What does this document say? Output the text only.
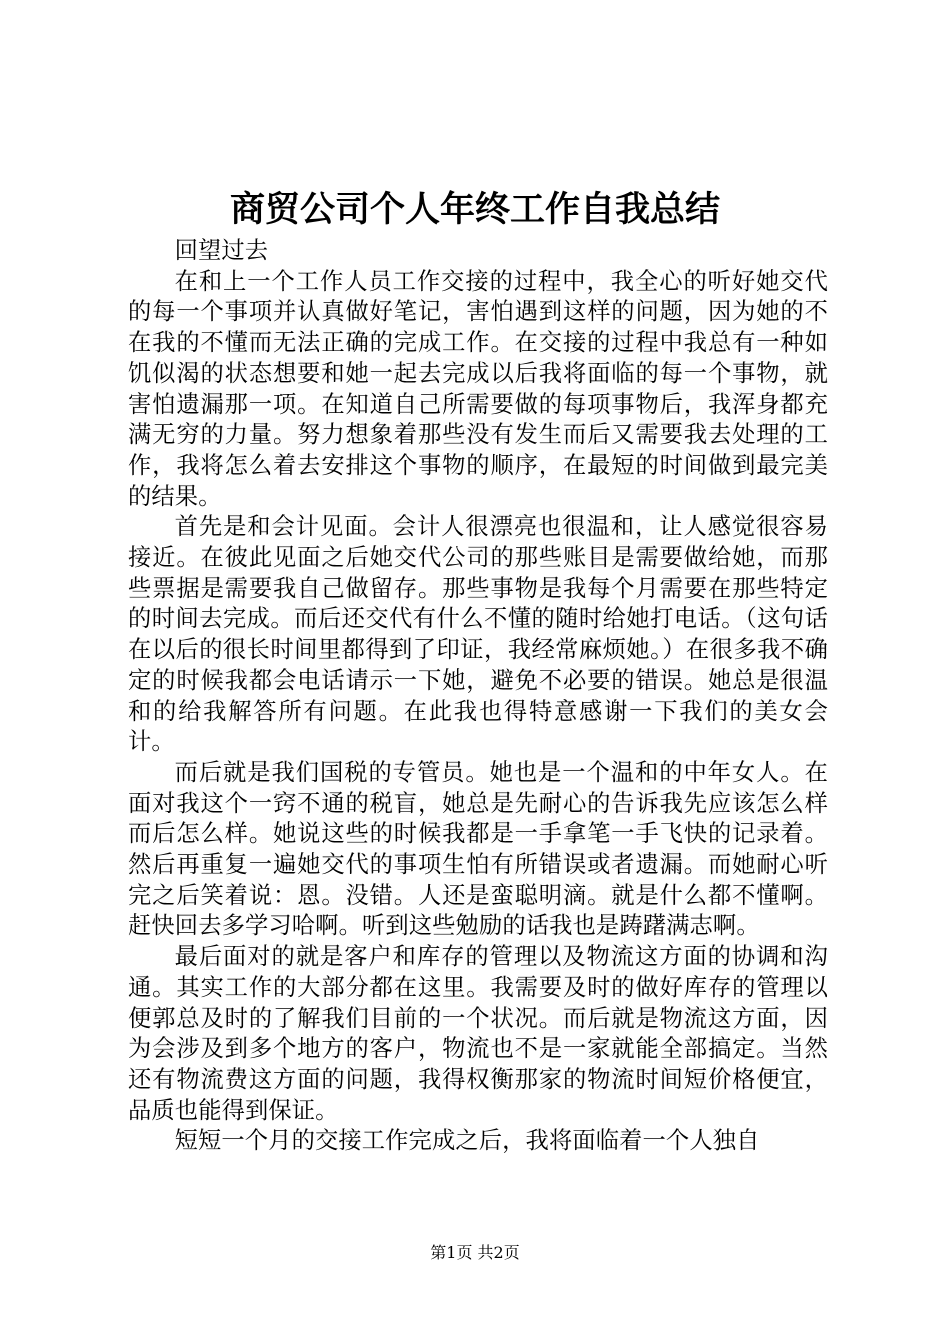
商贸公司个人年终工作自我总结

回望过去

在和上一个工作人员工作交接的过程中，我全心的听好她交代的每一个事项并认真做好笔记，害怕遇到这样的问题，因为她的不在我的不懂而无法正确的完成工作。在交接的过程中我总有一种如饥似渴的状态想要和她一起去完成以后我将面临的每一个事物，就害怕遗漏那一项。在知道自己所需要做的每项事物后，我浑身都充满无穷的力量。努力想象着那些没有发生而后又需要我去处理的工作，我将怎么着去安排这个事物的顺序，在最短的时间做到最完美的结果。

首先是和会计见面。会计人很漂亮也很温和，让人感觉很容易接近。在彼此见面之后她交代公司的那些账目是需要做给她，而那些票据是需要我自己做留存。那些事物是我每个月需要在那些特定的时间去完成。而后还交代有什么不懂的随时给她打电话。（这句话在以后的很长时间里都得到了印证，我经常麻烦她。）在很多我不确定的时候我都会电话请示一下她，避免不必要的错误。她总是很温和的给我解答所有问题。在此我也得特意感谢一下我们的美女会计。

而后就是我们国税的专管员。她也是一个温和的中年女人。在面对我这个一窍不通的税盲，她总是先耐心的告诉我先应该怎么样而后怎么样。她说这些的时候我都是一手拿笔一手飞快的记录着。然后再重复一遍她交代的事项生怕有所错误或者遗漏。而她耐心听完之后笑着说：恩。没错。人还是蛮聪明滴。就是什么都不懂啊。赶快回去多学习哈啊。听到这些勉励的话我也是踌躇满志啊。

最后面对的就是客户和库存的管理以及物流这方面的协调和沟通。其实工作的大部分都在这里。我需要及时的做好库存的管理以便郭总及时的了解我们目前的一个状况。而后就是物流这方面，因为会涉及到多个地方的客户，物流也不是一家就能全部搞定。当然还有物流费这方面的问题，我得权衡那家的物流时间短价格便宜，品质也能得到保证。

短短一个月的交接工作完成之后，我将面临着一个人独自

第1页 共2页
